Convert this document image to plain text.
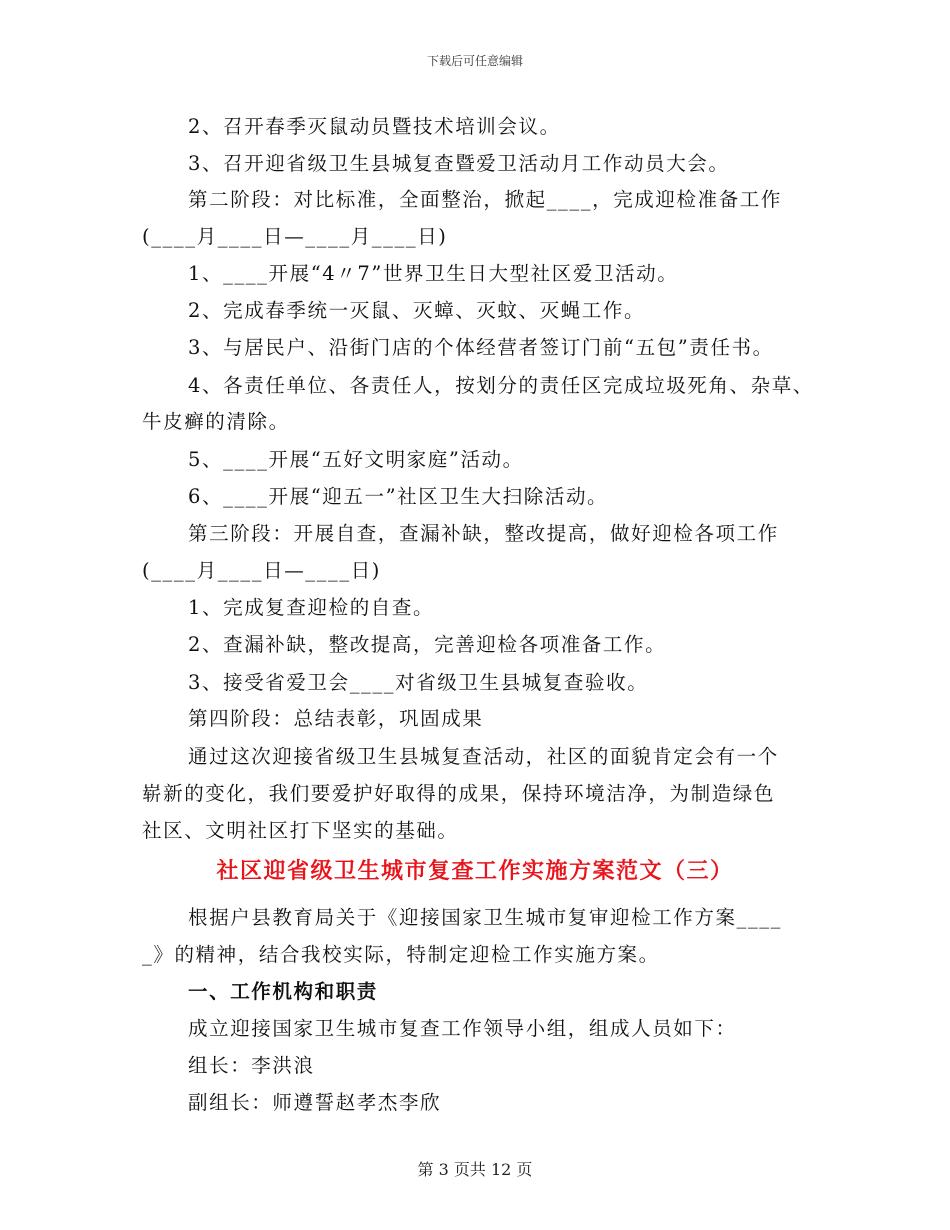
下载后可任意编辑
2、召开春季灭鼠动员暨技术培训会议。
3、召开迎省级卫生县城复查暨爱卫活动月工作动员大会。
第二阶段：对比标准，全面整治，掀起____，完成迎检准备工作
(____月____日—____月____日)
1、____开展“4〃7”世界卫生日大型社区爱卫活动。
2、完成春季统一灭鼠、灭蟑、灭蚊、灭蝇工作。
3、与居民户、沿街门店的个体经营者签订门前“五包”责任书。
4、各责任单位、各责任人，按划分的责任区完成垃圾死角、杂草、
牛皮癣的清除。
5、____开展“五好文明家庭”活动。
6、____开展“迎五一”社区卫生大扫除活动。
第三阶段：开展自查，查漏补缺，整改提高，做好迎检各项工作
(____月____日—____日)
1、完成复查迎检的自查。
2、查漏补缺，整改提高，完善迎检各项准备工作。
3、接受省爱卫会____对省级卫生县城复查验收。
第四阶段：总结表彰，巩固成果
通过这次迎接省级卫生县城复查活动，社区的面貌肯定会有一个
崭新的变化，我们要爱护好取得的成果，保持环境洁净，为制造绿色
社区、文明社区打下坚实的基础。
社区迎省级卫生城市复查工作实施方案范文（三）
根据户县教育局关于《迎接国家卫生城市复审迎检工作方案____
_》的精神，结合我校实际，特制定迎检工作实施方案。
一、工作机构和职责
成立迎接国家卫生城市复查工作领导小组，组成人员如下：
组长：李洪浪
副组长：师遵誓赵孝杰李欣
第 3 页共 12 页
